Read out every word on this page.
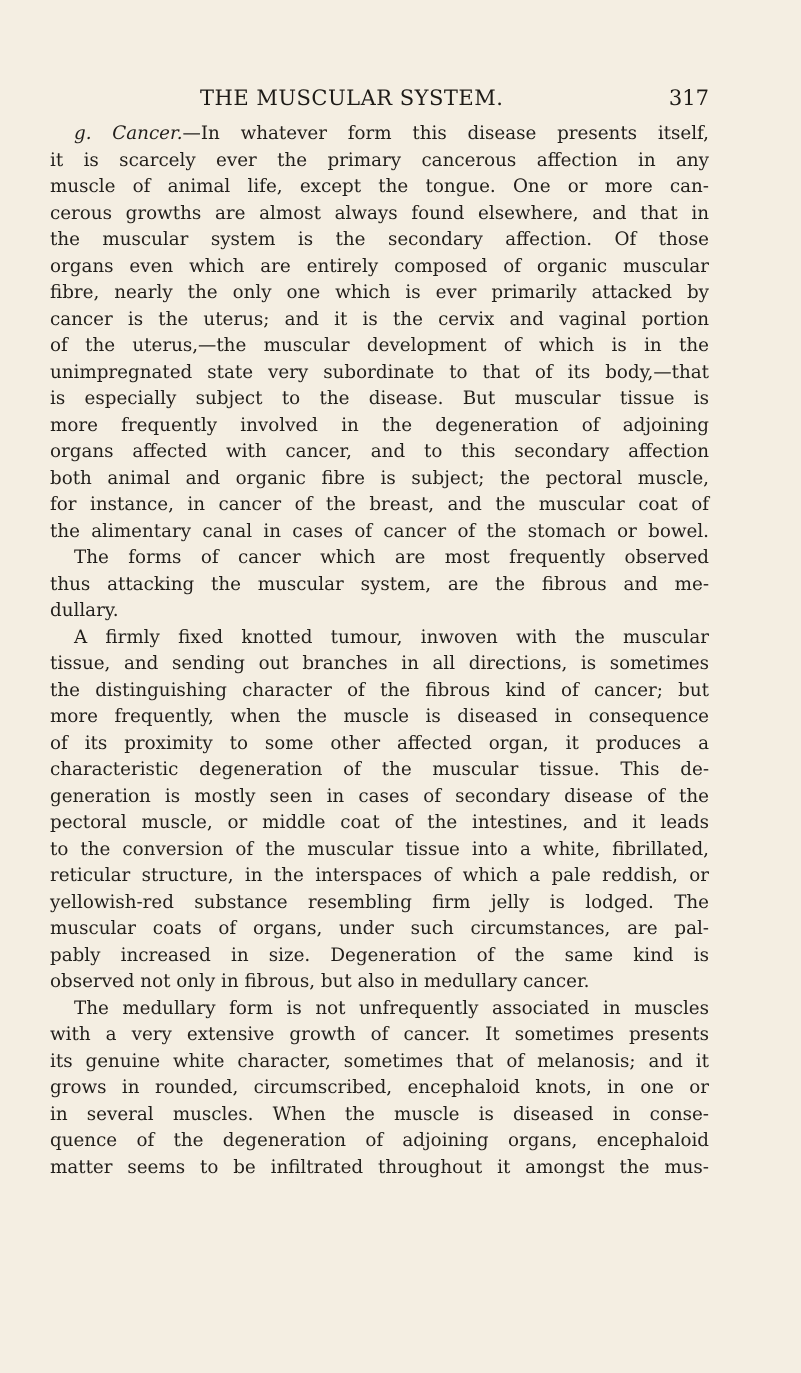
THE MUSCULAR SYSTEM.	317
g. Cancer.—In whatever form this disease presents itself,
it is scarcely ever the primary cancerous affection in any
muscle of animal life, except the tongue. One or more can-
cerous growths are almost always found elsewhere, and that in
the muscular system is the secondary affection. Of those
organs even which are entirely composed of organic muscular
fibre, nearly the only one which is ever primarily attacked by
cancer is the uterus; and it is the cervix and vaginal portion
of the uterus,—the muscular development of which is in the
unimpregnated state very subordinate to that of its body,—that
is especially subject to the disease. But muscular tissue is
more frequently involved in the degeneration of adjoining
organs affected with cancer, and to this secondary affection
both animal and organic fibre is subject; the pectoral muscle,
for instance, in cancer of the breast, and the muscular coat of
the alimentary canal in cases of cancer of the stomach or bowel.
The forms of cancer which are most frequently observed
thus attacking the muscular system, are the fibrous and me-
dullary.
A firmly fixed knotted tumour, inwoven with the muscular
tissue, and sending out branches in all directions, is sometimes
the distinguishing character of the fibrous kind of cancer; but
more frequently, when the muscle is diseased in consequence
of its proximity to some other affected organ, it produces a
characteristic degeneration of the muscular tissue. This de-
generation is mostly seen in cases of secondary disease of the
pectoral muscle, or middle coat of the intestines, and it leads
to the conversion of the muscular tissue into a white, fibrillated,
reticular structure, in the interspaces of which a pale reddish, or
yellowish-red substance resembling firm jelly is lodged. The
muscular coats of organs, under such circumstances, are pal-
pably increased in size. Degeneration of the same kind is
observed not only in fibrous, but also in medullary cancer.
The medullary form is not unfrequently associated in muscles
with a very extensive growth of cancer. It sometimes presents
its genuine white character, sometimes that of melanosis; and it
grows in rounded, circumscribed, encephaloid knots, in one or
in several muscles. When the muscle is diseased in conse-
quence of the degeneration of adjoining organs, encephaloid
matter seems to be infiltrated throughout it amongst the mus-
